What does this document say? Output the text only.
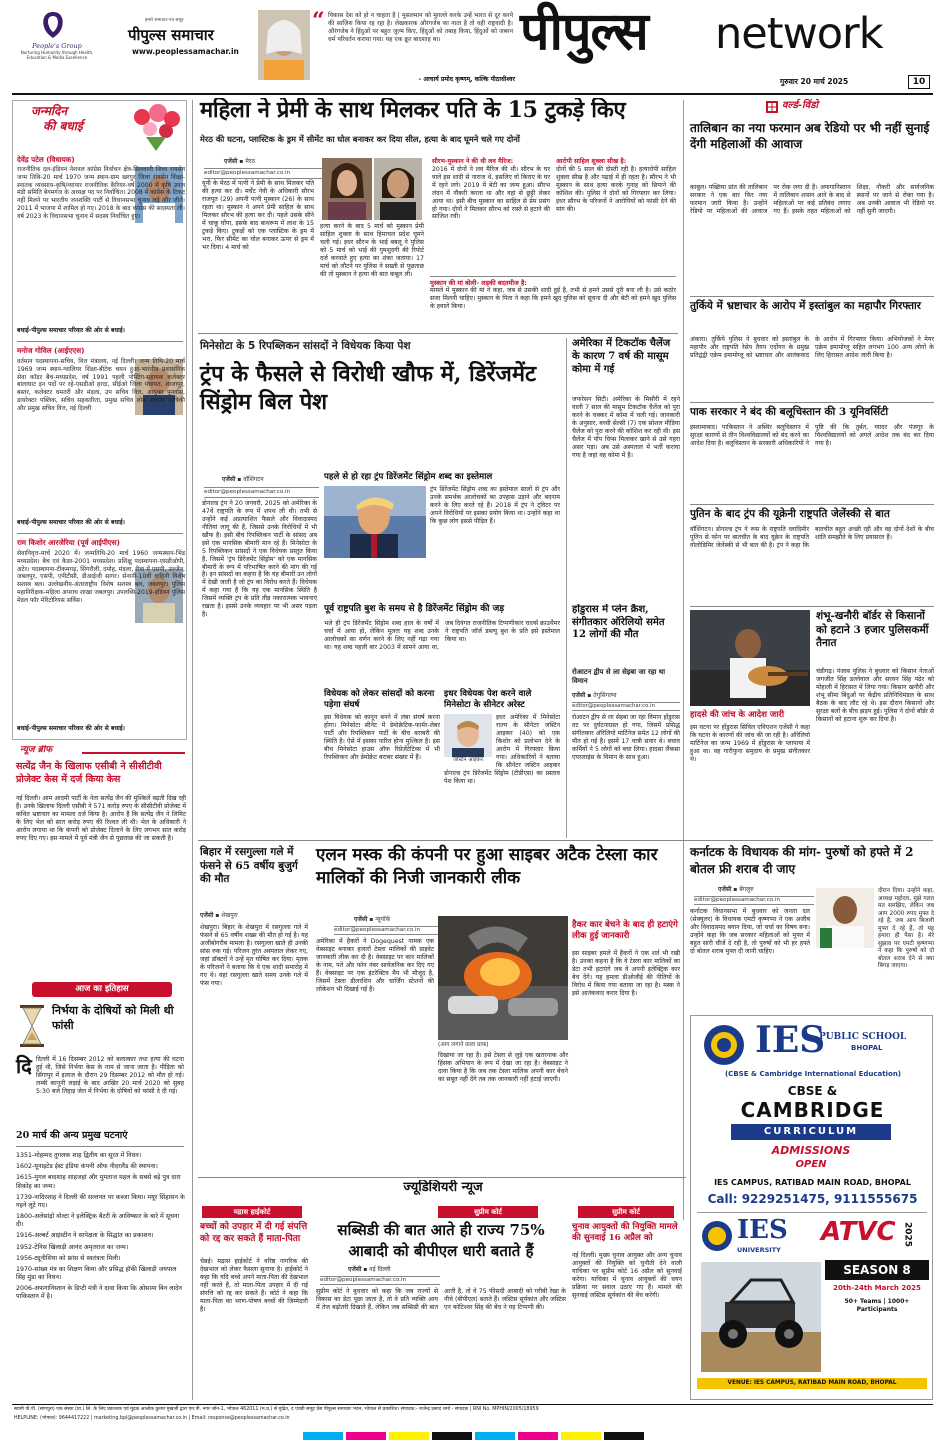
People's Group
Nurturing Humanity through Health, Education & Media Excellence
हमारे समाचार-पत्र समूह
पीपुल्स समाचार
www.peoplessamachar.in
“ विकास देश को हो न चाहता है | मुसलमान को मुग़ल्ले करके उन्हें भारत से दूर करने की साज़िश किया रह रहा है। लेखकारक औरंगजेब का नाता है तो वही राष्ट्रवादी है। औरंगजेब ने हिंदुओं पर बहुत जुल्म किए, हिंदुओं को तबाह किया, हिंदुओं को जबरन धर्म परिवर्तन कराया गया। यह एक क्रूर बादशाह था।
- आचार्य प्रमोद कृष्णम्, कल्कि पीठाधीश्वर
पीपुल्स network
गुरुवार 20 मार्च 2025	10
जन्मदिन
की बधाई
देवेंद्र पटेल (विधायक)
राजनीतिक दल-इंडियन नेशनल कांग्रेस निर्वाचन क्षेत्र-सिलवानी जिला रायसेन जन्म तिथि-20 मार्च 1970 जन्म स्थान-ग्राम खरगुर जिला रायसेन शिक्षा-स्नातक व्यवसाय-कृषि/व्यापार राजनीतिक कैरियर-वर्ष 2000 में कृषि उपज मंडी समिति बेगमगंज के अध्यक्ष पद पर निर्वाचित। 2008 में कांग्रेस के टिकट नहीं मिलने पर भारतीय जनशक्ति पार्टी से विधानसभा चुनाव लड़े और जीते। 2011 में भाजपा में शामिल हो गए। 2018 के बाद कांग्रेस की सदस्यता ली। वर्ष 2023 के विधानसभा चुनाव में सदस्य निर्वाचित हुए।
बधाई-पीपुल्स समाचार परिवार की ओर से बधाई।
मनोज गोविल (आईएएस)
वर्तमान पदस्थापना-सचिव, वित्त मंत्रालय, नई दिल्ली। जन्म तिथि-20 मार्च 1969 जन्म स्थान-ग्वालियर शिक्षा-बीटेक चयन हुआ-भारतीय प्रशासनिक सेवा कॉडर बैच-मध्यप्रदेश, वर्ष 1991 पहली पोस्टिंग-सहायक कलेक्टर बालाघाट इन पदों पर रहे-एसडीओ हरदा, सीईओ जिला पंचायत, शाजापुर, बस्तर, कलेक्टर धमतरी और मंडला, उप सचिव वित्त, आयुक्त पुनर्वास, डायरेक्टर पब्लिक, सचिव सहकारिता, प्रमुख सचिव लोक स्वास्थ्य यांत्रिकी और प्रमुख सचिव वित्त, नई दिल्ली
बधाई-पीपुल्स समाचार परिवार की ओर से बधाई।
राम किशोर आरजेरिया (पूर्व आईपीएस)
सेवानिवृत्त-मार्च 2020 में। जन्मतिथि-20 मार्च 1960 जन्मस्थान-भिंड मध्यप्रदेश। बैच एवं कैडर-2001 मध्यप्रदेश। प्रशिक्षु पदस्थापना-एसडीओपी, अटेर। पदस्थापना-टीकमगढ़, सिंगरौली, दमोह, मंडला, रीवा में एसपी, उज्जैन, जबलपुर, एसपी, एपीटीसी, डीआईजी सागर। सेनानी-10वीं वाहिनी विशेष सशस्त्र बल। उल्लेखनीय-अंतरराष्ट्रीय विशेष सशस्त्र बल, जबलपुर। पुलिस महानिरीक्षक-महिला अपराध शाखा जबलपुर। उपलब्धि-2019-इंडियन पुलिस मेडल फॉर मेरिटोरियस सर्विस।
बधाई-पीपुल्स समाचार परिवार की ओर से बधाई।
न्यूज ब्रीफ
सत्येंद्र जैन के खिलाफ एसीबी ने सीसीटीवी प्रोजेक्ट केस में दर्ज किया केस
नई दिल्ली। आम आदमी पार्टी के नेता सत्येंद्र जैन की मुश्किलें बढ़ती दिख रही हैं। उनके खिलाफ दिल्ली एसीबी ने 571 करोड़ रुपए के सीसीटीवी प्रोजेक्ट में कथित भ्रष्टाचार का मामला दर्ज किया है। आरोप है कि सत्येंद्र जैन ने लिमिट के लिए भेल को सात करोड़ रुपए की रिश्वत ली थी। भेल के अधिकारी ने आरोप लगाया था कि कंपनी को प्रोजेक्ट दिलाने के लिए लगभग सात करोड़ रुपए दिए गए। इस मामले में पूर्व मंत्री जैन से पूछताछ की जा सकती है।
आज का इतिहास
निर्भया के दोषियों को मिली थी फांसी
दि दिल्ली में 16 दिसम्बर 2012 को बलात्कार तथा हत्या की घटना हुई थी, जिसे निर्भया केस के नाम से जाना जाता है। पीड़िता को सिंगापुर में इलाज के दौरान 29 दिसम्बर 2012 को मौत हो गई। लम्बी कानूनी लड़ाई के बाद आखिर 20 मार्च 2020 को सुबह 5:30 बजे तिहाड़ जेल में निर्भया के दोषियों को फांसी दे दी गई।
20 मार्च की अन्य प्रमुख घटनाएं
1351-मोहम्मद तुगलक शाह द्वितीय का सूरत में निधन।
1602-यूनाइटेड ईस्ट इंडिया कंपनी ऑफ नीदरलैंड की स्थापना।
1615-मुगल बादशाह शाहजहां और मुमताज महल के सबसे बड़े पुत्र दारा शिकोह का जन्म।
1739-नादिरशाह ने दिल्ली की सल्तनत पर कब्जा किया। मयूर सिंहासन के गहने लूटे गए।
1800-अलेसांद्रो वोल्टा ने इलेक्ट्रिक बैटरी के आविष्कार के बारे में सूचना दी।
1916-अल्बर्ट आइंस्टीन ने सापेक्षता के सिद्धांत का प्रकाशन।
1952-टेनिस खिलाड़ी आनंद अमृतराज का जन्म।
1956-ट्यूनीशिया को फ्रांस से स्वतंत्रता मिली।
1970-सांख्य मंत्र का शिक्षण किया और प्रसिद्ध हॉकी खिलाड़ी जयपाल सिंह मुंडा का निधन।
2006-अफगानिस्तान के डिप्टी मंत्री ने दावा किया कि ओसामा बिन लादेन पाकिस्तान में है।
महिला ने प्रेमी के साथ मिलकर पति के 15 टुकड़े किए
मेरठ की घटना, प्लास्टिक के ड्रम में सीमेंट का घोल बनाकर कर दिया सील, हत्या के बाद घूमने चले गए दोनों
एजेंसी ▪ मेरठ
editor@peoplessamachar.co.in
यूपी के मेरठ में पत्नी ने प्रेमी के साथ मिलकर पति की हत्या कर दी। मर्चेंट नेवी के अधिकारी सौरभ राजपूत (29) अपनी पत्नी मुस्कान (26) के साथ रहता था। मुस्कान ने अपने प्रेमी साहिल के साथ मिलकर सौरभ की हत्या कर दी। पहले उसके सीने में चाकू घोंपा, इसके बाद बाथरूम में लाश के 15 टुकड़े किए। टुकड़ों को एक प्लास्टिक के ड्रम में भरा, फिर सीमेंट का घोल बनाकर ऊपर से ड्रम में भर दिया। 4 मार्च को
हत्या करने के बाद 5 मार्च को मुस्कान प्रेमी साहिल शुक्ला के साथ हिमाचल प्रदेश घूमने चली गई। इधर सौरभ के भाई बबलू ने पुलिस को 5 मार्च को भाई की गुमशुदगी की रिपोर्ट दर्ज करवाते हुए हत्या का शंका जताया। 17 मार्च को लौटने पर पुलिस ने सख्ती से पूछताछ की तो मुस्कान ने हत्या की बात कबूल ली।
सौरभ-मुस्कान ने की थी लव मैरिज:
2016 में दोनों ने लव मैरिज की थी। सौरभ के घर वाले इस शादी से नाराज थे, इसलिए वो किराए के घर में रहने लगे। 2019 में बेटी का जन्म हुआ। सौरभ लंदन में नौकरी करता था और वहां से छुट्टी लेकर आया था। इसी बीच मुस्कान का साहिल से प्रेम प्रसंग हो गया। दोनों ने मिलकर सौरभ को रास्ते से हटाने की साजिश रची।
आरोपी साहिल शुक्ला सीख है:
दोनों की 5 साल की दोस्ती रही है। हत्यारोपी साहिल शुक्ला सीख है और पढ़ाई में ही रहता है। सौरभ ने भी मुस्कान के साथ हत्या करके गुनाह को छिपाने की कोशिश की। पुलिस ने दोनों को गिरफ्तार कर लिया। इधर सौरभ के परिजनों ने आरोपियों को फांसी देने की मांग की।
मुस्कान की मां बोली- लड़की बदतमीज है:
मामले में मुस्कान की मां ने कहा, जब से उसकी शादी हुई है, तभी से हमने उससे दूरी बना ली है। उसे कठोर सजा मिलनी चाहिए। मुस्कान के पिता ने कहा कि हमने खुद पुलिस को सूचना दी और बेटी को हमने खुद पुलिस के हवाले किया।
मिनेसोटा के 5 रिपब्लिकन सांसदों ने विधेयक किया पेश
ट्रंप के फैसले से विरोधी खौफ में, डिरेंजमेंट सिंड्रोम बिल पेश
एजेंसी ▪ वॉशिंगटन
editor@peoplessamachar.co.in
डोनाल्ड ट्रंप ने 20 जनवरी, 2025 को अमेरिका के 47वें राष्ट्रपति के रूप में शपथ ली थी। तभी से उन्होंने कई अप्रत्याशित फैसले और विवादास्पद नीतियां लागू की हैं, जिससे उनके विरोधियों में भी खौफ है। इसी बीच रिपब्लिकन पार्टी के सांसद अब इसे एक मानसिक बीमारी मान रहे हैं। मिनेसोटा के 5 रिपब्लिकन सांसदों ने एक विधेयक प्रस्तुत किया है, जिसमें 'ट्रंप डिरेंजमेंट सिंड्रोम' को एक मानसिक बीमारी के रूप में परिभाषित करने की मांग की गई है। इन सांसदों का कहना है कि यह बीमारी उन लोगों में देखी जाती है जो ट्रंप का विरोध करते हैं। विधेयक में कहा गया है कि यह एक मानसिक स्थिति है जिसमें व्यक्ति ट्रंप के प्रति तीव्र नकारात्मक भावनाएं रखता है। इससे उनके व्यवहार पर भी असर पड़ता है।
पहले से हो रहा ट्रंप डिरेंजमेंट सिंड्रोम शब्द का इस्तेमाल
ट्रंप डिरेंजमेंट सिंड्रोम शब्द का इस्तेमाल सालों से ट्रंप और उनके समर्थक आलोचकों का उपहास उड़ाने और बदनाम करने के लिए करते रहे हैं। 2018 में ट्रंप ने ट्विटर पर अपने विरोधियों पर इसका प्रयोग किया था। उन्होंने कहा था कि कुछ लोग इससे पीड़ित हैं।
पूर्व राष्ट्रपति बुश के समय से है डिरेंजमेंट सिंड्रोम की जड़
भले ही ट्रंप डिरेंजमेंट सिंड्रोम शब्द हाल के वर्षों में चर्चा में आया हो, लेकिन मूलतः यह शब्द उनके आलोचकों का वर्णन करने के लिए नहीं गढ़ा गया था। यह शब्द पहली बार 2003 में सामने आया था, जब दिवंगत राजनीतिक टिप्पणीकार चार्ल्स क्राउथैमर ने राष्ट्रपति जॉर्ज डब्ल्यू बुश के प्रति इसे इस्तेमाल किया था।
विधेयक को लेकर सांसदों को करना पड़ेगा संघर्ष
इस विधेयक को कानून बनने में लंबा संघर्ष करना होगा। मिनेसोटा सीनेट में डेमोक्रेटिक-फार्मर-लेबर पार्टी और रिपब्लिकन पार्टी के बीच बराबरी की स्थिति है। ऐसे में इसका पारित होना मुश्किल है। इस बीच मिनेसोटा हाउस ऑफ रिप्रेजेंटेटिव्स में भी रिपब्लिकन और डेमोक्रेट बराबर संख्या में हैं।
इधर विधेयक पेश करने वाले मिनेसोटा के सीनेटर अरेस्ट
जस्टिन आइकर
इधर अमेरिका में मिनेसोटा राज्य के सीनेटर जस्टिन आइकर (40) को एक किशोर को प्रलोभन देने के आरोप में गिरफ्तार किया गया। अधिकारियों ने बताया कि सीनेटर जस्टिन आइकर डोनाल्ड ट्रंप डिरेंजमेंट सिंड्रोम (टीडीएस) का प्रस्ताव पेश किया था।
अमेरिका में टिकटॉक चैलेंज के कारण 7 वर्ष की मासूम कोमा में गई
जफरेसन सिटी। अमेरिका के मिसौरी में रहने वाली 7 साल की मासूम टिकटॉक चैलेंज को पूरा करने के चक्कर में कोमा में चली गई। जानकारी के अनुसार, बच्ची सेल्सी (7) एक सोशल मीडिया चैलेंज को पूरा करने की कोशिश कर रही थी। इस चैलेंज में पॉप चिप्स मिलाकर खाने से उसे गहरा असर पड़ा। अब उसे अस्पताल में भर्ती कराया गया है जहां वह कोमा में है।
होंडुरास में प्लेन क्रैश, संगीतकार ऑरेलियो समेत 12 लोगों की मौत
रोआटन द्वीप से ला सेइबा जा रहा था विमान
एजेंसी ▪ तेगुसिगल्पा
editor@peoplessamachar.co.in
रोआटन द्वीप से ला सेइबा जा रहा विमान होंडुरास तट पर दुर्घटनाग्रस्त हो गया, जिसमें प्रसिद्ध संगीतकार ऑरेलियो मार्टिनेज समेत 12 लोगों की मौत हो गई है। इसमें 17 यात्री सवार थे। बचाव कर्मियों ने 5 लोगों को बचा लिया। हादसा लैंकसा एयरलाइंस के विमान के साथ हुआ।
वर्ल्ड-विंडो
तालिबान का नया फरमान अब रेडियो पर भी नहीं सुनाई देंगी महिलाओं की आवाज
काबुल। पख्तिया प्रांत की तालिबान सरकार ने एक बार फिर नया फरमान जारी किया है। उन्होंने रेडियो पर महिलाओं की आवाज पर रोक लगा दी है। अफगानिस्तान में तालिबान शासन आने के बाद से महिलाओं पर कई प्रतिबंध लगाए गए हैं। इसके तहत महिलाओं को शिक्षा, नौकरी और सार्वजनिक स्थानों पर जाने से रोका गया है। अब उनकी आवाज भी रेडियो पर नहीं सुनी जाएगी।
तुर्किये में भ्रष्टाचार के आरोप में इस्तांबुल का महापौर गिरफ्तार
अंकारा। तुर्किये पुलिस ने बुधवार को इस्तांबुल के महापौर और राष्ट्रपति रेसेप तैयप एर्दोगन के प्रमुख प्रतिद्वंद्वी एक्रेम इमामोग्लू को भ्रष्टाचार और आतंकवाद के आरोप में गिरफ्तार किया। अभियोजकों ने मेयर एक्रेम इमामोग्लू सहित लगभग 100 अन्य लोगों के लिए हिरासत आदेश जारी किया है।
पाक सरकार ने बंद की बलूचिस्तान की 3 यूनिवर्सिटी
इस्लामाबाद। पाकिस्तान ने अस्थिर बलूचिस्तान में सुरक्षा कारणों से तीन विश्वविद्यालयों को बंद करने का आदेश दिया है। बलूचिस्तान के सरकारी अधिकारियों ने पुष्टि की कि तुर्बत, ग्वादर और पंजगुर के विश्वविद्यालयों को अगले आदेश तक बंद कर दिया गया है।
पुतिन के बाद ट्रंप की यूक्रेनी राष्ट्रपति जेलेंस्की से बात
वॉशिंगटन। डोनाल्ड ट्रंप ने रूस के राष्ट्रपति व्लादिमीर पुतिन से फोन पर बातचीत के बाद यूक्रेन के राष्ट्रपति वोलोडिमिर जेलेंस्की से भी बात की है। ट्रंप ने कहा कि बातचीत बहुत अच्छी रही और वह दोनों देशों के बीच शांति समझौते के लिए प्रयासरत हैं।
हादसे की जांच के आदेश जारी
इस घटना पर होंडुरास सिविल एविएशन एजेंसी ने कहा कि घटना के कारणों की जांच की जा रही है। ऑरेलियो मार्टिनेज का जन्म 1969 में होंडुरास के प्लापाया में हुआ था। वह गारीफुना समुदाय के प्रमुख संगीतकार थे।
शंभू-खनौरी बॉर्डर से किसानों को हटाने 3 हजार पुलिसकर्मी तैनात
चंडीगढ़। पंजाब पुलिस ने बुधवार को किसान नेताओं जगजीत सिंह डल्लेवाल और सरवन सिंह पंढेर को मोहाली में हिरासत में लिया गया। किसान खनौरी और शंभू सीमा बिंदुओं पर केंद्रीय प्रतिनिधिमंडल के साथ बैठक के बाद लौट रहे थे। इस दौरान किसानों और सुरक्षा बलों के बीच झड़प हुई। पुलिस ने दोनों बॉर्डर से किसानों को हटाना शुरू कर दिया है।
बिहार में रसगुल्ला गले में फंसने से 65 वर्षीय बुजुर्ग की मौत
एजेंसी ▪ शेखपुरा
शेखपुरा। बिहार के शेखपुरा में रसगुल्ला गले में फंसने से 65 वर्षीय शख्स की मौत हो गई है। यह अजीबोगरीब मामला है। रसगुल्ला खाते ही उनकी सांस रुक गई। परिजन तुरंत अस्पताल लेकर गए, जहां डॉक्टरों ने उन्हें मृत घोषित कर दिया। मृतक के परिजनों ने बताया कि वे एक शादी समारोह में गए थे। वहां रसगुल्ला खाते समय उनके गले में फंस गया।
एलन मस्क की कंपनी पर हुआ साइबर अटैक टेस्ला कार मालिकों की निजी जानकारी लीक
एजेंसी ▪ न्यूयॉर्क
editor@peoplessamachar.co.in
अमेरिका में हैकरों ने Dogequest नामक एक वेबसाइट बनाकर हजारों टेस्ला मालिकों की प्राइवेट जानकारी लीक कर दी है। वेबसाइट पर कार मालिकों के नाम, पते और फोन नंबर सार्वजनिक कर दिए गए हैं। वेबसाइट पर एक इंटरेक्टिव मैप भी मौजूद है, जिसमें टेस्ला डीलरशिप और चार्जिंग स्टेशनों की लोकेशन भी दिखाई गई है।
(आग लगाने वाला ग्राफ)
दिखाया जा रहा है। इसे टेस्ला से जुड़े एक खतरनाक और हिंसक अभियान के रूप में देखा जा रहा है। वेबसाइट ने दावा किया है कि जब तक टेस्ला मालिक अपनी कार बेचने का सबूत नहीं देंगे तब तक जानकारी नहीं हटाई जाएगी।
हैकर कार बेचने के बाद ही हटाएंगे लीक हुई जानकारी
इस साइबर हमले में हैकरों ने एक शर्त भी रखी है। उनका कहना है कि वे टेस्ला कार मालिकों का डेटा तभी हटाएंगे जब वे अपनी इलेक्ट्रिक कार बेच देंगे। यह हमला डीओजीई की नीतियों के विरोध में किया गया बताया जा रहा है। मस्क ने इसे आतंकवाद करार दिया है।
कर्नाटक के विधायक की मांग- पुरुषों को हफ्ते में 2 बोतल फ्री शराब दी जाए
एजेंसी ▪ बेंगलुरु
editor@peoplessamachar.co.in
कर्नाटक विधानसभा में बुधवार को जनता दल (सेक्युलर) के विधायक एमटी कृष्णप्पा ने एक अजीब और विवादास्पद बयान दिया, जो चर्चा का विषय बना। उन्होंने कहा कि जब सरकार महिलाओं को मुफ्त में बहुत सारी चीजें दे रही है, तो पुरुषों को भी हर हफ्ते दो बोतल शराब मुफ्त दी जानी चाहिए।
दौरान दिया। उन्होंने कहा, अध्यक्ष महोदय, मुझे गलत मत समझिए, लेकिन जब आप 2000 रुपए मुफ्त दे रहे हैं, जब आप बिजली मुफ्त दे रहे हैं, तो यह हमारा ही पैसा है। मेरे सुझाव पर एमटी कृष्णप्पा ने कहा कि पुरुषों को दो बोतल शराब देने से क्या बिगड़ जाएगा।
IES
PUBLIC SCHOOL
BHOPAL
(CBSE & Cambridge International Education)
CBSE &
CAMBRIDGE
CURRICULUM
ADMISSIONS
OPEN
IES CAMPUS, RATIBAD MAIN ROAD, BHOPAL
Call: 9229251475, 9111555675
IES
UNIVERSITY
ATVC 2025
SEASON 8
20th-24th March 2025
50+ Teams | 1000+ Participants
VENUE: IES CAMPUS, RATIBAD MAIN ROAD, BHOPAL
ज्यूडिशियरी न्यूज
मद्रास हाईकोर्ट
बच्चों को उपहार में दी गई संपत्ति को रद्द कर सकते हैं माता-पिता
चेन्नई। मद्रास हाईकोर्ट ने वरिष्ठ नागरिक की देखभाल को लेकर फैसला सुनाया है। हाईकोर्ट ने कहा कि यदि बच्चे अपने माता-पिता की देखभाल नहीं करते हैं, तो माता-पिता उपहार में दी गई संपत्ति को रद्द कर सकते हैं। कोर्ट ने कहा कि माता-पिता का भरण-पोषण बच्चों की जिम्मेदारी है।
सुप्रीम कोर्ट
सब्सिडी की बात आते ही राज्य 75% आबादी को बीपीएल धारी बताते हैं
एजेंसी ▪ नई दिल्ली
editor@peoplessamachar.co.in
सुप्रीम कोर्ट ने बुधवार को कहा कि जब राज्यों से विकास का डेटा पूछा जाता है, तो वे प्रति व्यक्ति आय में तेज बढ़ोतरी दिखाते हैं, लेकिन जब सब्सिडी की बात आती है, तो वे 75 फीसदी आबादी को गरीबी रेखा के नीचे (बीपीएल) बताते हैं। जस्टिस सूर्यकांत और जस्टिस एन कोटिश्वर सिंह की बेंच ने यह टिप्पणी की।
सुप्रीम कोर्ट
चुनाव आयुक्तों की नियुक्ति मामले की सुनवाई 16 अप्रैल को
नई दिल्ली। मुख्य चुनाव आयुक्त और अन्य चुनाव आयुक्तों की नियुक्ति को चुनौती देने वाली याचिका पर सुप्रीम कोर्ट 16 अप्रैल को सुनवाई करेगा। याचिका में चुनाव आयुक्तों की चयन प्रक्रिया पर सवाल उठाए गए हैं। मामले की सुनवाई जस्टिस सूर्यकांत की बेंच करेगी।
स्वामी पी.पी. (सांगपुरा) एक संस्था (प्रा.) लि. के लिए प्रकाशक एवं मुद्रक आलोक कुमार मुखर्जी द्वारा एम.पी. नगर जोन-1, भोपाल 462011 (म.प्र.) से मुद्रित, द एचडी समूह प्रेस पीपुल्स समाचार भवन, भोपाल से प्रकाशित। संपादक:- राजेन्द्र प्रसाद शर्मा - संपादक | RNI No. MPHIN/2005/18959
HELPLINE: (भोपाल): 9644417222 | marketing.bpl@peoplessamachar.co.in | Email: response@peoplessamachar.co.in
